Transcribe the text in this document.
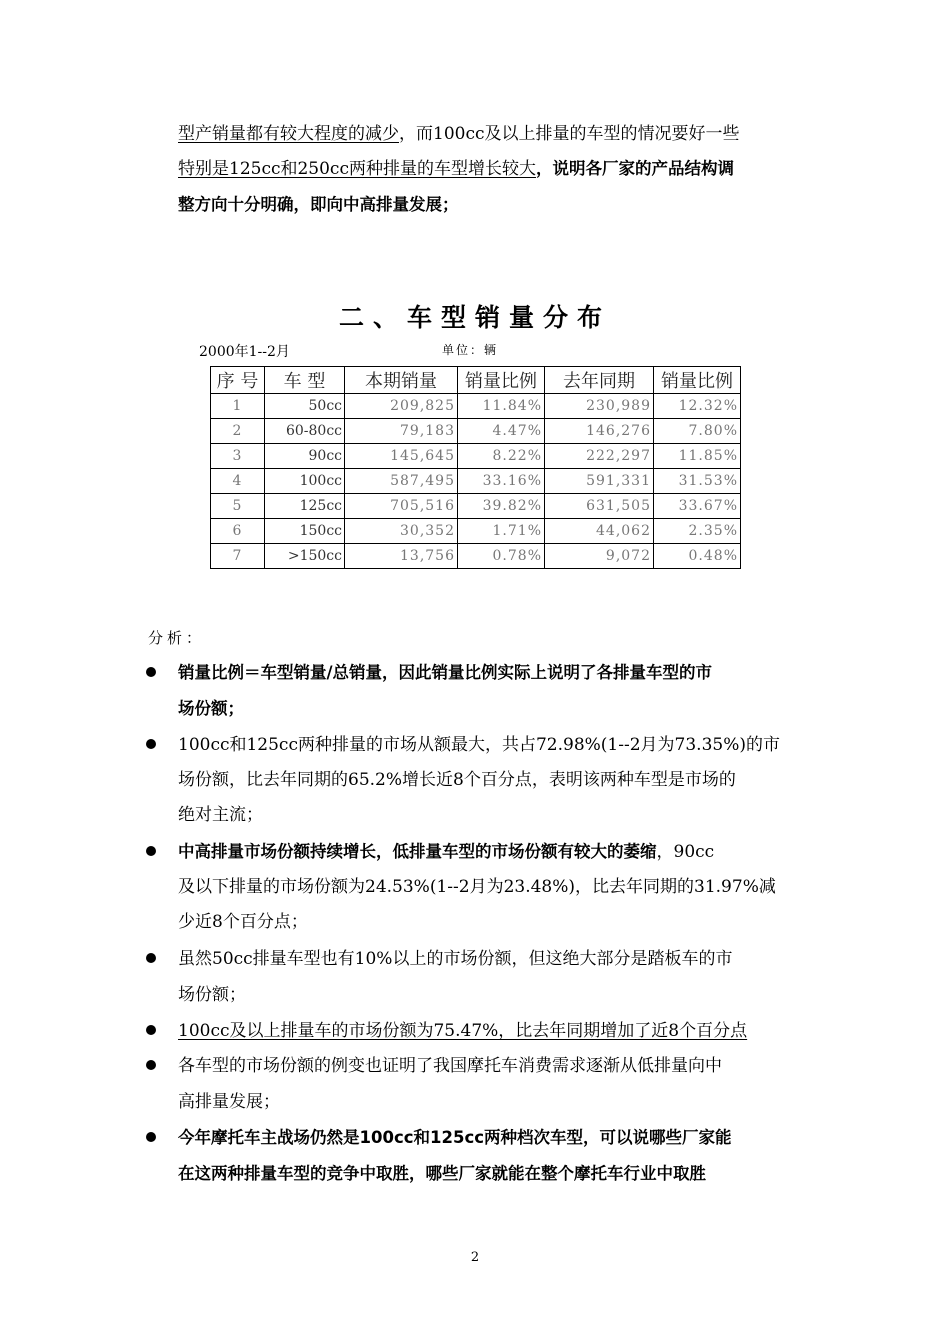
型产销量都有较大程度的减少，而100cc及以上排量的车型的情况要好一些
特别是125cc和250cc两种排量的车型增长较大，说明各厂家的产品结构调
整方向十分明确，即向中高排量发展；
二、车型销量分布
2000年1--2月	单位：辆
序 号	车 型	本期销量	销量比例	去年同期	销量比例
1	50cc	209,825	11.84%	230,989	12.32%
2	60-80cc	79,183	4.47%	146,276	7.80%
3	90cc	145,645	8.22%	222,297	11.85%
4	100cc	587,495	33.16%	591,331	31.53%
5	125cc	705,516	39.82%	631,505	33.67%
6	150cc	30,352	1.71%	44,062	2.35%
7	>150cc	13,756	0.78%	9,072	0.48%
分析：
销量比例＝车型销量/总销量，因此销量比例实际上说明了各排量车型的市
场份额；
100cc和125cc两种排量的市场从额最大，共占72.98%(1--2月为73.35%)的市
场份额，比去年同期的65.2%增长近8个百分点，表明该两种车型是市场的
绝对主流；
中高排量市场份额持续增长，低排量车型的市场份额有较大的萎缩，90cc
及以下排量的市场份额为24.53%(1--2月为23.48%)，比去年同期的31.97%减
少近8个百分点；
虽然50cc排量车型也有10%以上的市场份额，但这绝大部分是踏板车的市
场份额；
100cc及以上排量车的市场份额为75.47%，比去年同期增加了近8个百分点
各车型的市场份额的例变也证明了我国摩托车消费需求逐渐从低排量向中
高排量发展；
今年摩托车主战场仍然是100cc和125cc两种档次车型，可以说哪些厂家能
在这两种排量车型的竞争中取胜，哪些厂家就能在整个摩托车行业中取胜
2
